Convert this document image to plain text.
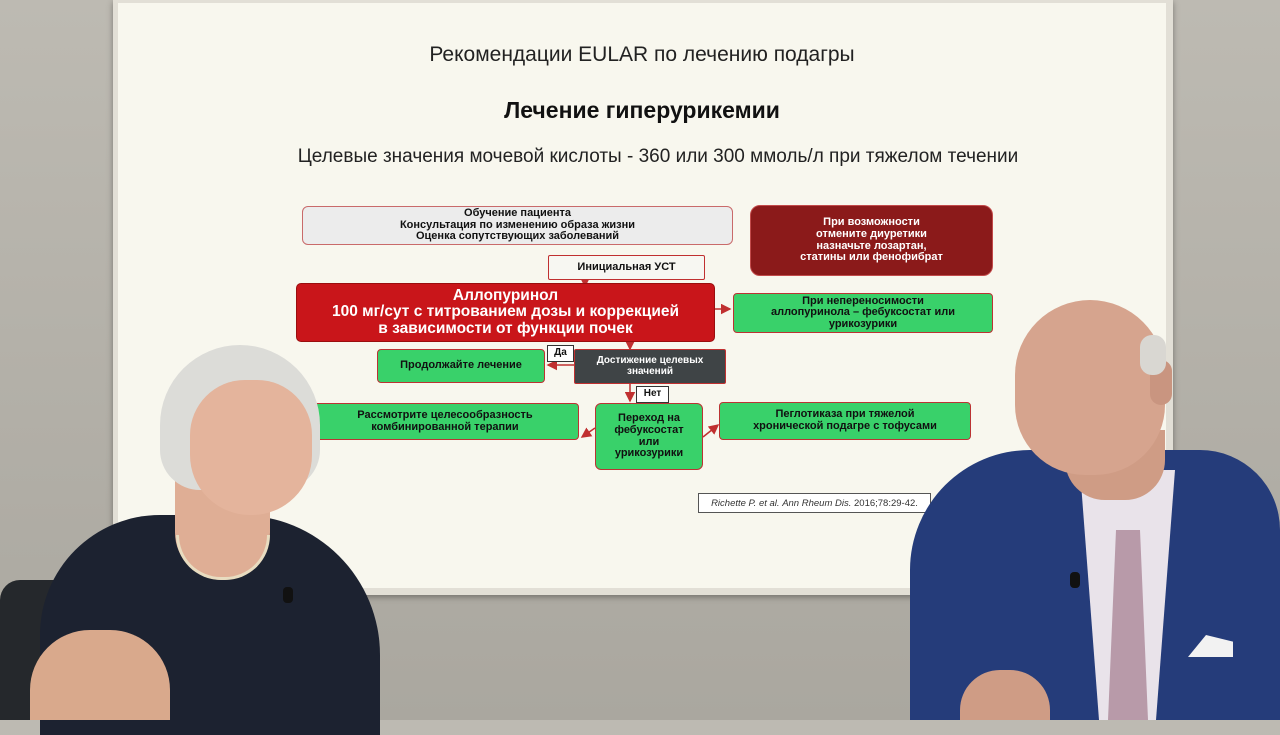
Рекомендации EULAR по лечению подагры
Лечение гиперурикемии
Целевые значения мочевой кислоты - 360 или 300 ммоль/л при тяжелом течении
Обучение пациента
Консультация по изменению образа жизни
Оценка сопутствующих заболеваний
При возможности
отмените диуретики
назначьте лозартан,
статины или фенофибрат
Инициальная УСТ
Аллопуринол
100 мг/сут с титрованием дозы и коррекцией
в зависимости от функции почек
При непереносимости
аллопуринола – фебуксостат или
урикозурики
Продолжайте лечение
Да
Достижение целевых
значений
Нет
Рассмотрите целесообразность
комбинированной терапии
Переход на
фебуксостат
или
урикозурики
Пеглотиказа при тяжелой
хронической подагре с тофусами
Richette P. et al.
Ann Rheum Dis.
2016;78:29-42.
